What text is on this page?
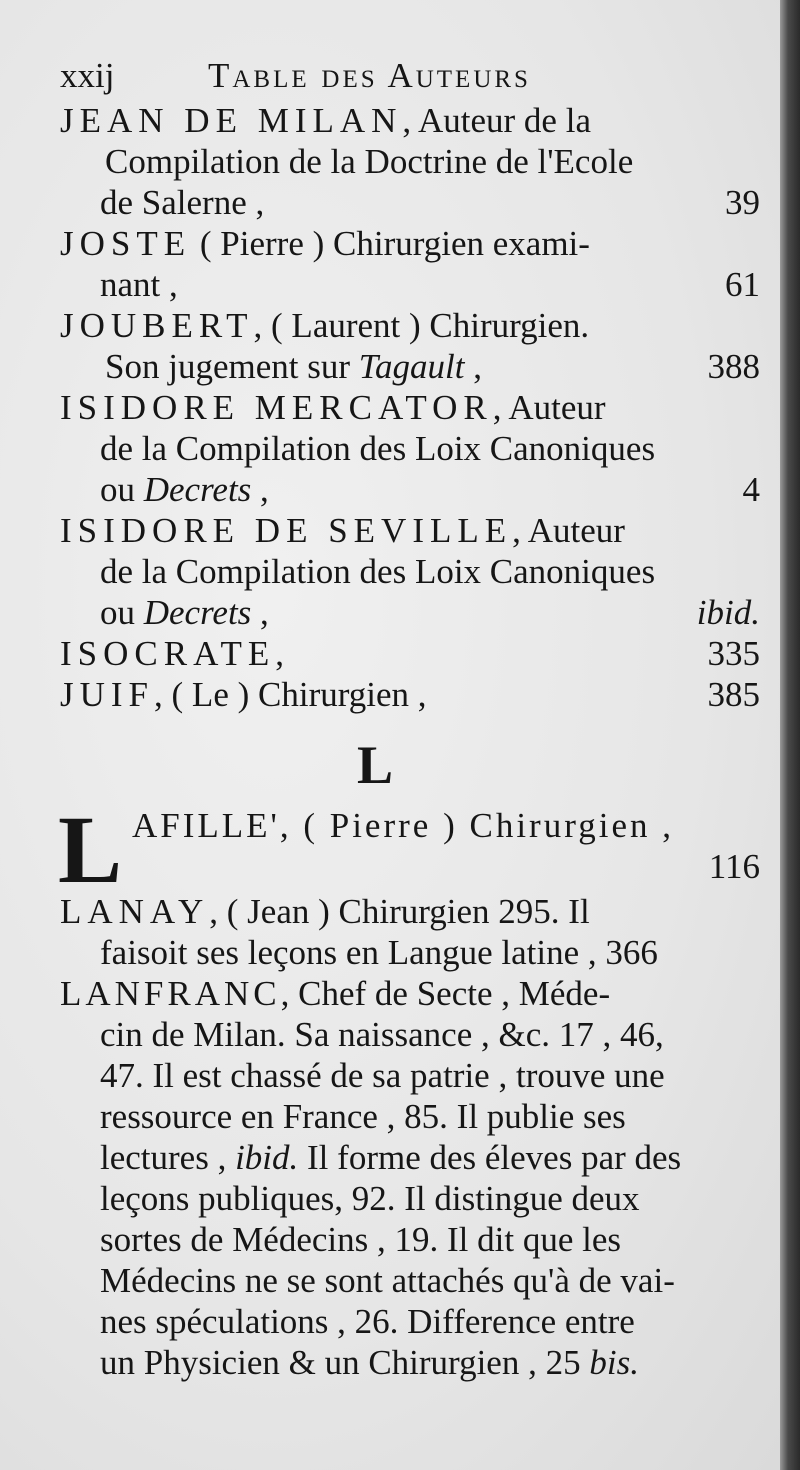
xxij	Table des Auteurs
JEAN DE MILAN, Auteur de la
Compilation de la Doctrine de l'Ecole
de Salerne ,	39
JOSTE ( Pierre ) Chirurgien exami-
nant ,	61
JOUBERT, ( Laurent ) Chirurgien.
Son jugement sur Tagault ,	388
ISIDORE MERCATOR, Auteur
de la Compilation des Loix Canoniques
ou Decrets ,	4
ISIDORE DE SEVILLE, Auteur
de la Compilation des Loix Canoniques
ou Decrets ,	ibid.
ISOCRATE,	335
JUIF, ( Le ) Chirurgien ,	385
L
L AFILLE', ( Pierre ) Chirurgien ,
116
LANAY, ( Jean ) Chirurgien 295. Il
faisoit ses leçons en Langue latine , 366
LANFRANC, Chef de Secte , Méde-
cin de Milan. Sa naissance , &c. 17 , 46,
47. Il est chassé de sa patrie , trouve une
ressource en France , 85. Il publie ses
lectures , ibid. Il forme des éleves par des
leçons publiques, 92. Il distingue deux
sortes de Médecins , 19. Il dit que les
Médecins ne se sont attachés qu'à de vai-
nes spéculations , 26. Difference entre
un Physicien & un Chirurgien , 25 bis.
